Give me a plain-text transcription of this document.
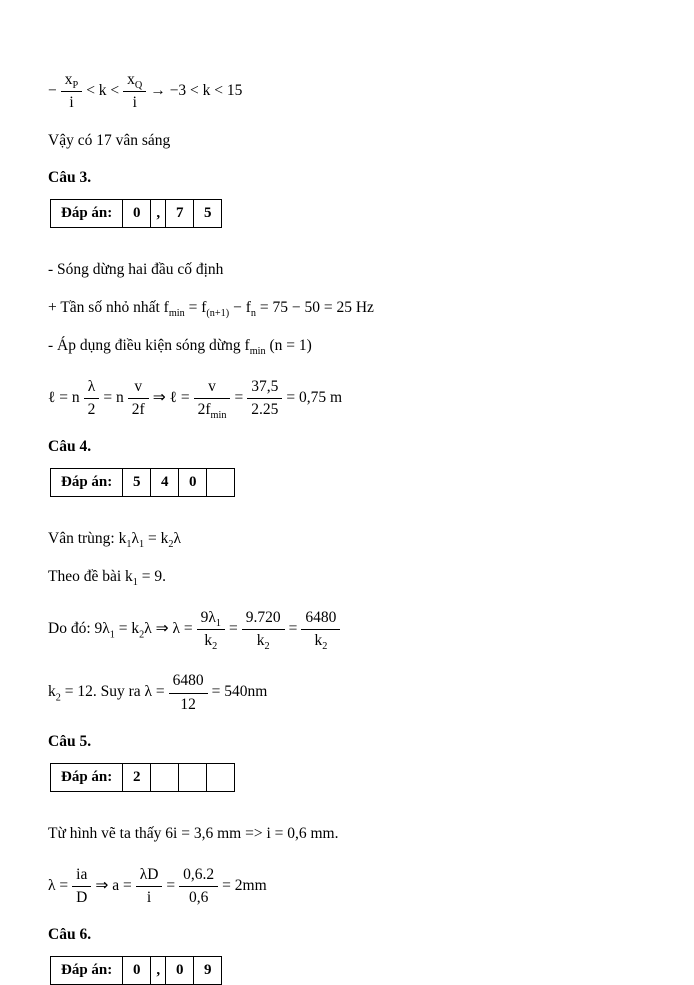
− $\frac{x_P}{i} < k < \frac{x_Q}{i} \to -3 < k < 15$
Vậy có 17 vân sáng
Câu 3.
Đáp án:	0	,	7	5
- Sóng dừng hai đầu cố định
+ Tần số nhỏ nhất $f_{min} = f_{(n+1)} - f_n = 75 - 50 = 25$ Hz
- Áp dụng điều kiện sóng dừng $f_{min}$ (n = 1)
ℓ = n $\frac{\lambda}{2} = n \frac{v}{2f}$ ⇒ ℓ = $\frac{v}{2f_{min}} = \frac{37,5}{2.25} = 0,75$ m
Câu 4.
Đáp án:	5	4	0	
Vân trùng: $k_1\lambda_1 = k_2\lambda$
Theo đề bài $k_1 = 9$.
Do đó: $9\lambda_1 = k_2\lambda$ ⇒ $\lambda = \frac{9\lambda_1}{k_2} = \frac{9.720}{k_2} = \frac{6480}{k_2}$
$k_2 = 12$. Suy ra $\lambda = \frac{6480}{12} = 540nm$
Câu 5.
Đáp án:	2			
Từ hình vẽ ta thấy 6i = 3,6 mm => i = 0,6 mm.
$\lambda = \frac{ia}{D}$ ⇒ $a = \frac{\lambda D}{i} = \frac{0,6.2}{0,6} = 2mm$
Câu 6.
Đáp án:	0	,	0	9
